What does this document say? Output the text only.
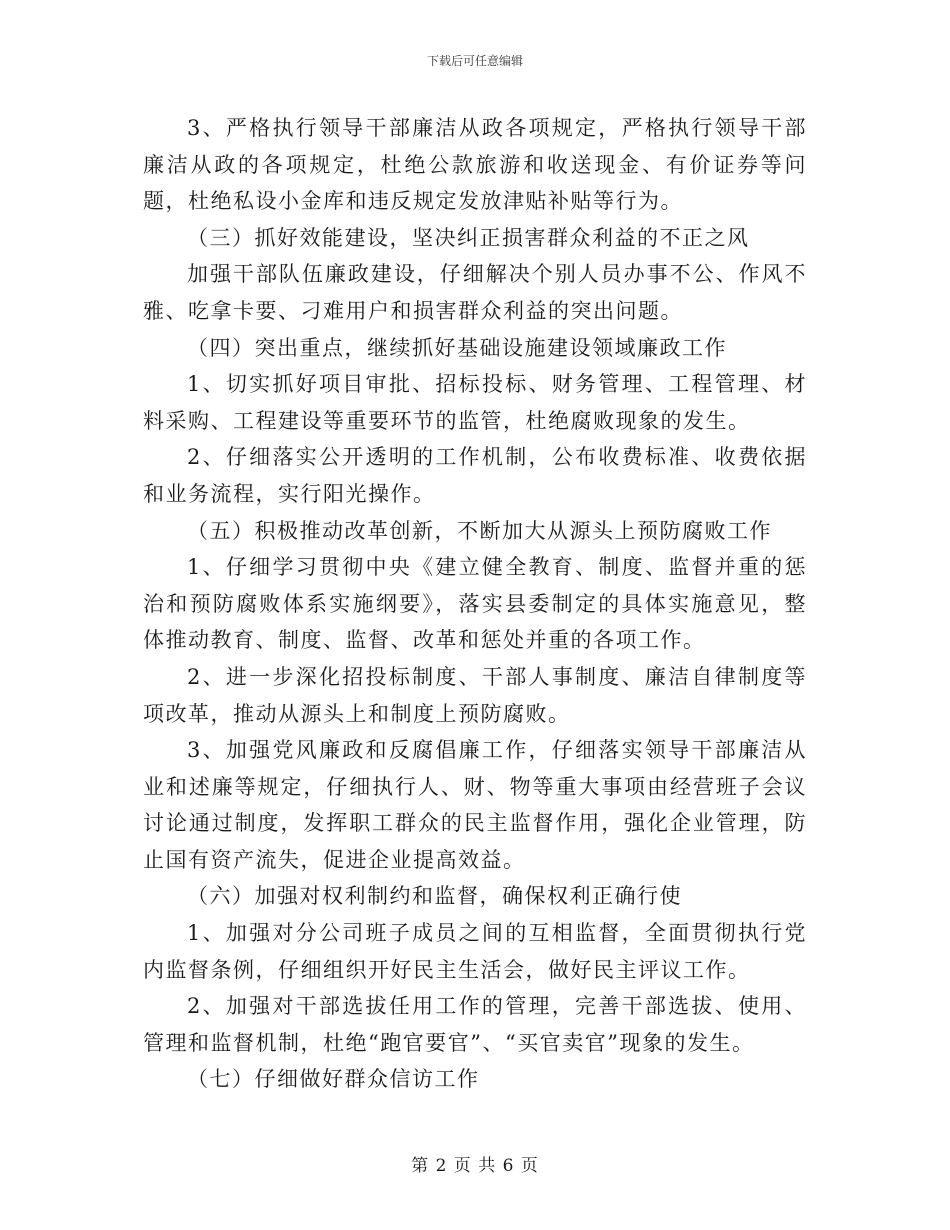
下载后可任意编辑

3、严格执行领导干部廉洁从政各项规定，严格执行领导干部廉洁从政的各项规定，杜绝公款旅游和收送现金、有价证券等问题，杜绝私设小金库和违反规定发放津贴补贴等行为。

（三）抓好效能建设，坚决纠正损害群众利益的不正之风

加强干部队伍廉政建设，仔细解决个别人员办事不公、作风不雅、吃拿卡要、刁难用户和损害群众利益的突出问题。

（四）突出重点，继续抓好基础设施建设领域廉政工作

1、切实抓好项目审批、招标投标、财务管理、工程管理、材料采购、工程建设等重要环节的监管，杜绝腐败现象的发生。

2、仔细落实公开透明的工作机制，公布收费标准、收费依据和业务流程，实行阳光操作。

（五）积极推动改革创新，不断加大从源头上预防腐败工作

1、仔细学习贯彻中央《建立健全教育、制度、监督并重的惩治和预防腐败体系实施纲要》，落实县委制定的具体实施意见，整体推动教育、制度、监督、改革和惩处并重的各项工作。

2、进一步深化招投标制度、干部人事制度、廉洁自律制度等项改革，推动从源头上和制度上预防腐败。

3、加强党风廉政和反腐倡廉工作，仔细落实领导干部廉洁从业和述廉等规定，仔细执行人、财、物等重大事项由经营班子会议讨论通过制度，发挥职工群众的民主监督作用，强化企业管理，防止国有资产流失，促进企业提高效益。

（六）加强对权利制约和监督，确保权利正确行使

1、加强对分公司班子成员之间的互相监督，全面贯彻执行党内监督条例，仔细组织开好民主生活会，做好民主评议工作。

2、加强对干部选拔任用工作的管理，完善干部选拔、使用、管理和监督机制，杜绝“跑官要官”、“买官卖官”现象的发生。

（七）仔细做好群众信访工作

第 2 页 共 6 页
